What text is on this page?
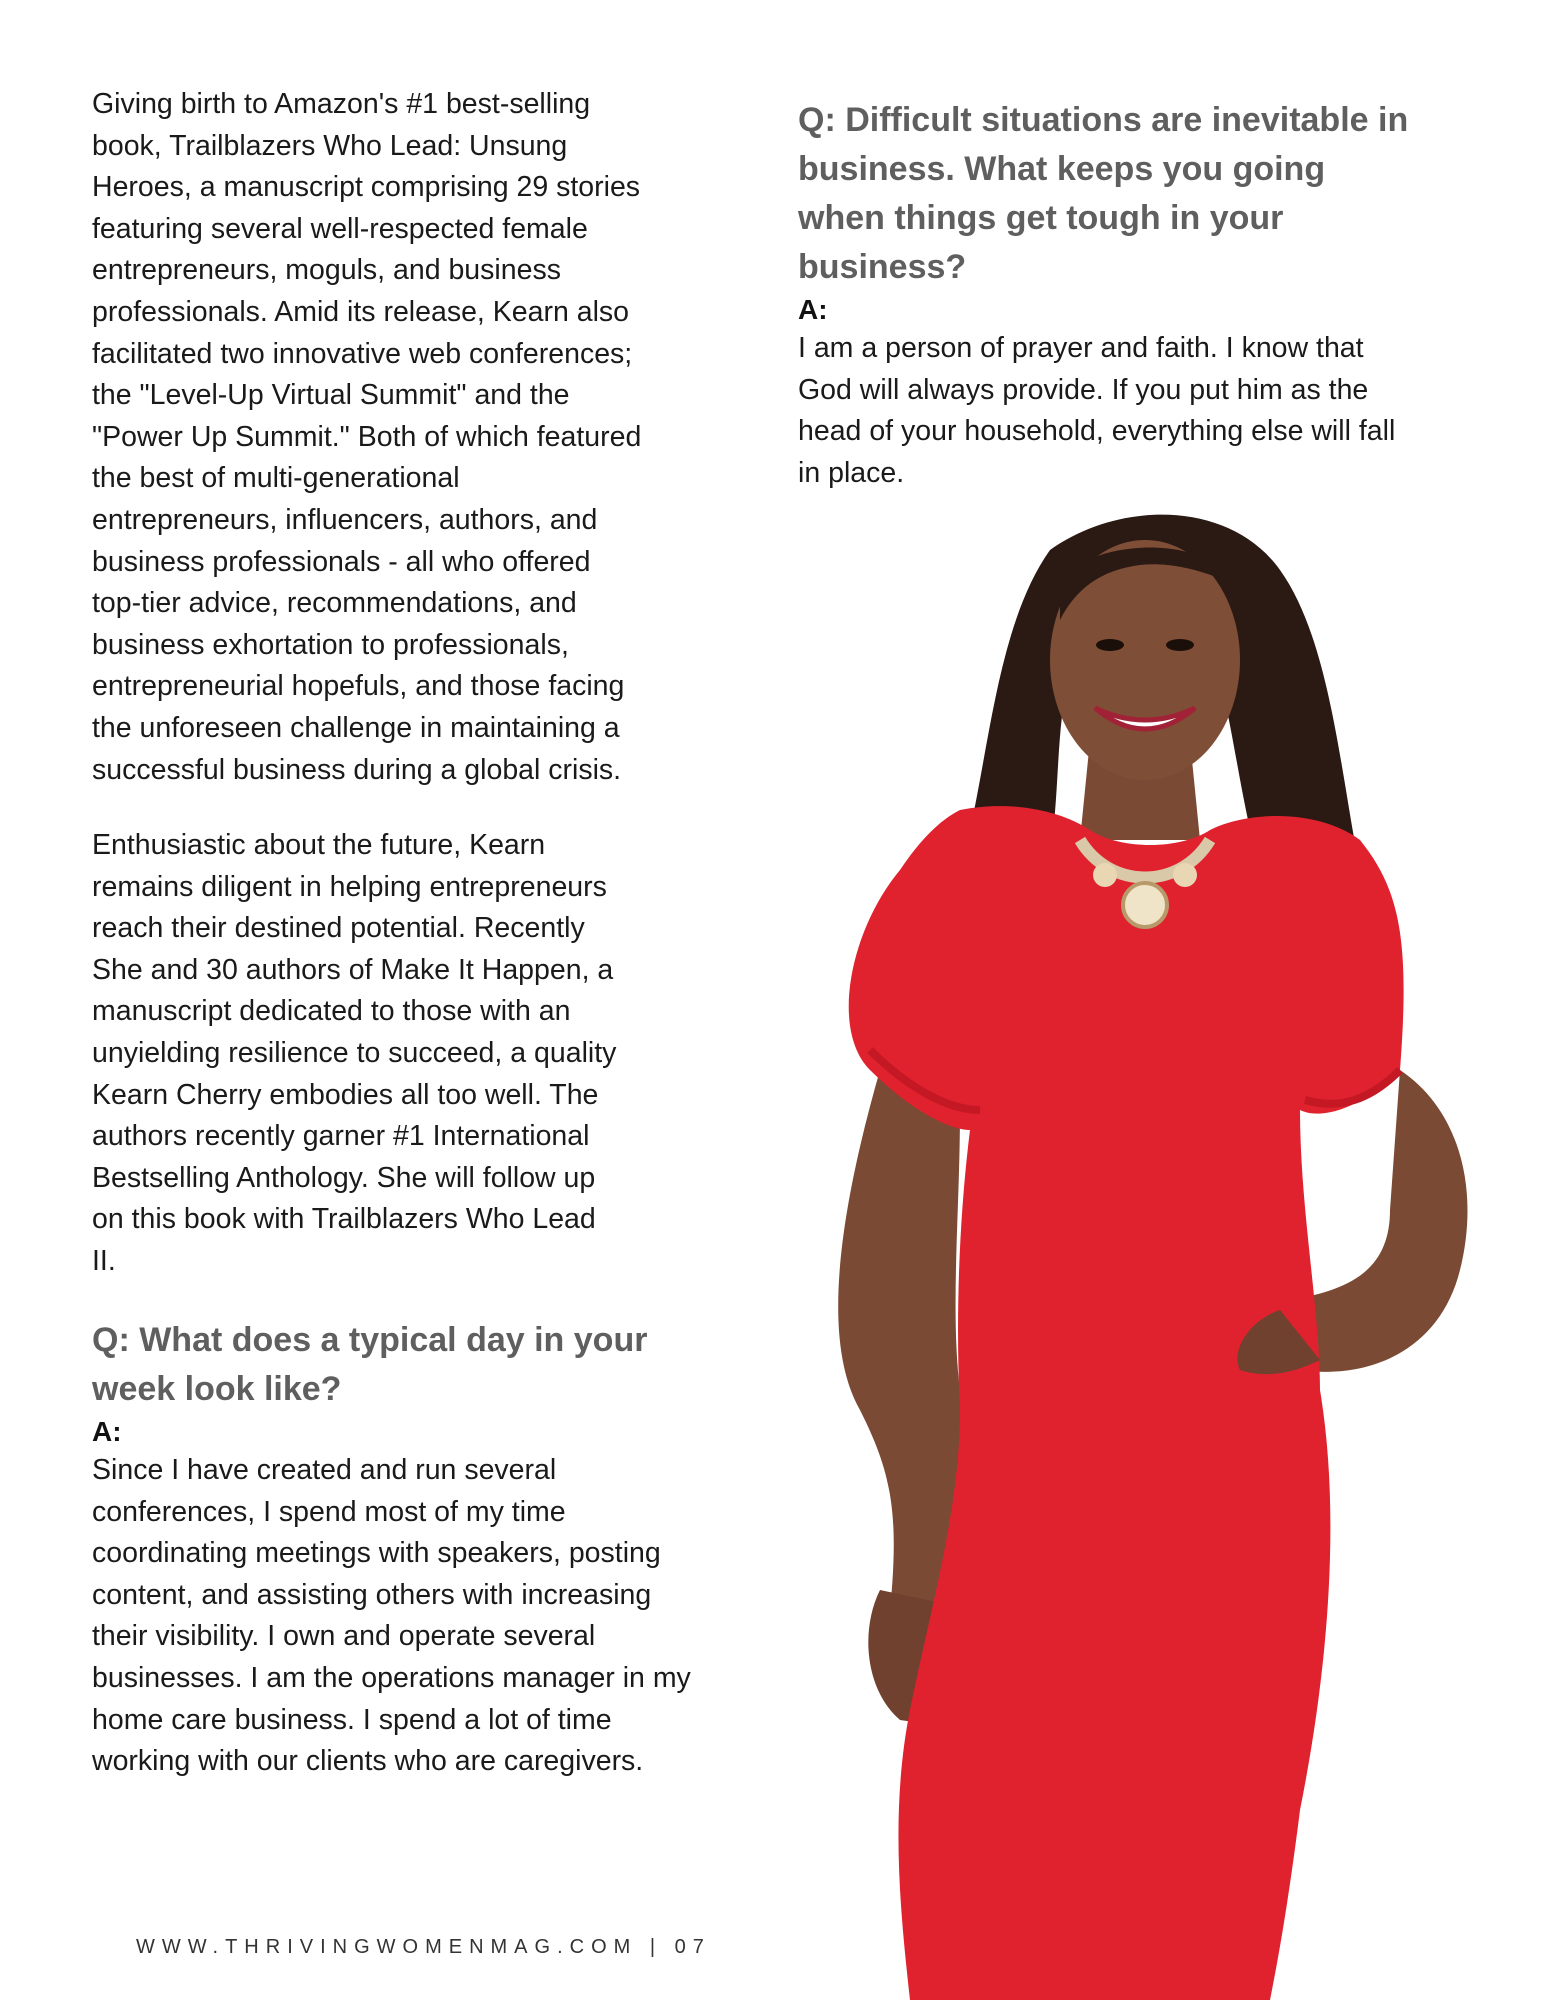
Giving birth to Amazon's #1 best-selling
book, Trailblazers Who Lead: Unsung
Heroes, a manuscript comprising 29 stories
featuring several well-respected female
entrepreneurs, moguls, and business
professionals. Amid its release, Kearn also
facilitated two innovative web conferences;
the "Level-Up Virtual Summit" and the
"Power Up Summit." Both of which featured
the best of multi-generational
entrepreneurs, influencers, authors, and
business professionals - all who offered
top-tier advice, recommendations, and
business exhortation to professionals,
entrepreneurial hopefuls, and those facing
the unforeseen challenge in maintaining a
successful business during a global crisis.

Enthusiastic about the future, Kearn
remains diligent in helping entrepreneurs
reach their destined potential. Recently
She and 30 authors of Make It Happen, a
manuscript dedicated to those with an
unyielding resilience to succeed, a quality
Kearn Cherry embodies all too well. The
authors recently garner #1 International
Bestselling Anthology. She will follow up
on this book with Trailblazers Who Lead
II.

Q: What does a typical day in your
week look like?

A:

Since I have created and run several
conferences, I spend most of my time
coordinating meetings with speakers, posting
content, and assisting others with increasing
their visibility. I own and operate several
businesses. I am the operations manager in my
home care business. I spend a lot of time
working with our clients who are caregivers.

Q: Difficult situations are inevitable in
business. What keeps you going
when things get tough in your
business?

A:

I am a person of prayer and faith. I know that
God will always provide. If you put him as the
head of your household, everything else will fall
in place.

WWW.THRIVINGWOMENMAG.COM | 07
